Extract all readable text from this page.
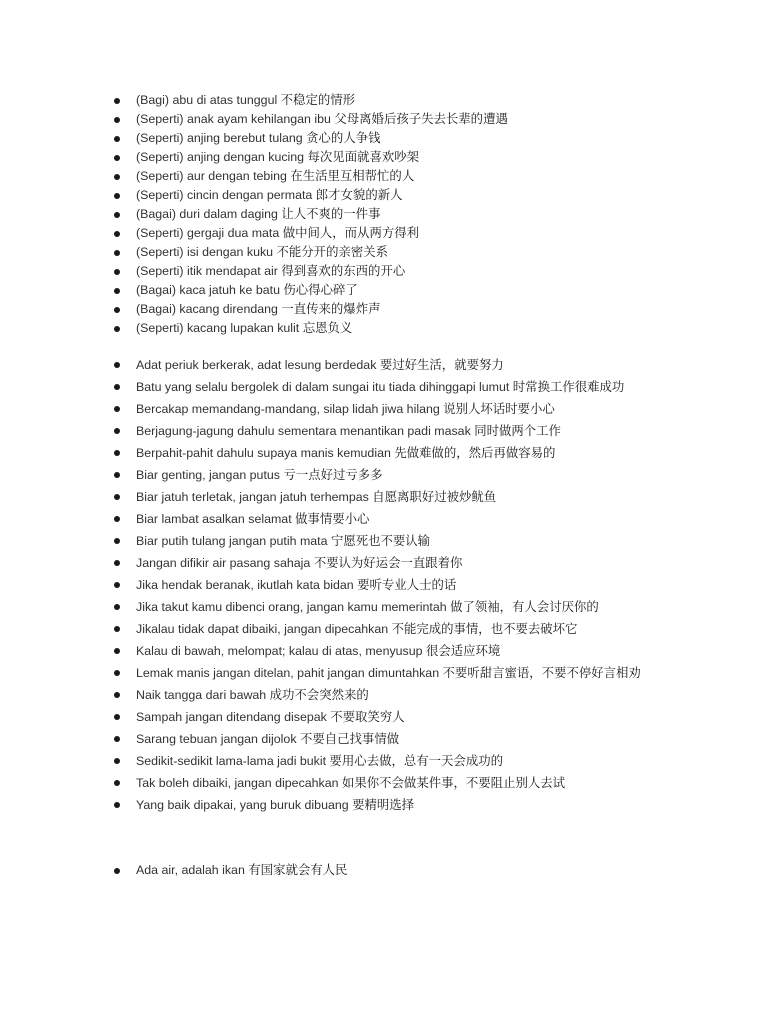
(Bagi) abu di atas tunggul 不稳定的情形
(Seperti) anak ayam kehilangan ibu 父母离婚后孩子失去长辈的遭遇
(Seperti) anjing berebut tulang 贪心的人争钱
(Seperti) anjing dengan kucing 每次见面就喜欢吵架
(Seperti) aur dengan tebing 在生活里互相帮忙的人
(Seperti) cincin dengan permata 郎才女貌的新人
(Bagai) duri dalam daging 让人不爽的一件事
(Seperti) gergaji dua mata 做中间人，而从两方得利
(Seperti) isi dengan kuku 不能分开的亲密关系
(Seperti) itik mendapat air 得到喜欢的东西的开心
(Bagai) kaca jatuh ke batu 伤心得心碎了
(Bagai) kacang direndang 一直传来的爆炸声
(Seperti) kacang lupakan kulit 忘恩负义
Adat periuk berkerak, adat lesung berdedak 要过好生活，就要努力
Batu yang selalu bergolek di dalam sungai itu tiada dihinggapi lumut 时常换工作很难成功
Bercakap memandang-mandang, silap lidah jiwa hilang 说别人坏话时要小心
Berjagung-jagung dahulu sementara menantikan padi masak 同时做两个工作
Berpahit-pahit dahulu supaya manis kemudian 先做难做的，然后再做容易的
Biar genting, jangan putus 亏一点好过亏多多
Biar jatuh terletak, jangan jatuh terhempas 自愿离职好过被炒鱿鱼
Biar lambat asalkan selamat 做事情要小心
Biar putih tulang jangan putih mata 宁愿死也不要认输
Jangan difikir air pasang sahaja 不要认为好运会一直跟着你
Jika hendak beranak, ikutlah kata bidan 要听专业人士的话
Jika takut kamu dibenci orang, jangan kamu memerintah 做了领袖，有人会讨厌你的
Jikalau tidak dapat dibaiki, jangan dipecahkan 不能完成的事情，也不要去破坏它
Kalau di bawah, melompat; kalau di atas, menyusup 很会适应环境
Lemak manis jangan ditelan, pahit jangan dimuntahkan 不要听甜言蜜语，不要不停好言相劝
Naik tangga dari bawah 成功不会突然来的
Sampah jangan ditendang disepak 不要取笑穷人
Sarang tebuan jangan dijolok 不要自己找事情做
Sedikit-sedikit lama-lama jadi bukit 要用心去做，总有一天会成功的
Tak boleh dibaiki, jangan dipecahkan 如果你不会做某件事，不要阻止别人去试
Yang baik dipakai, yang buruk dibuang 要精明选择
Ada air, adalah ikan 有国家就会有人民
